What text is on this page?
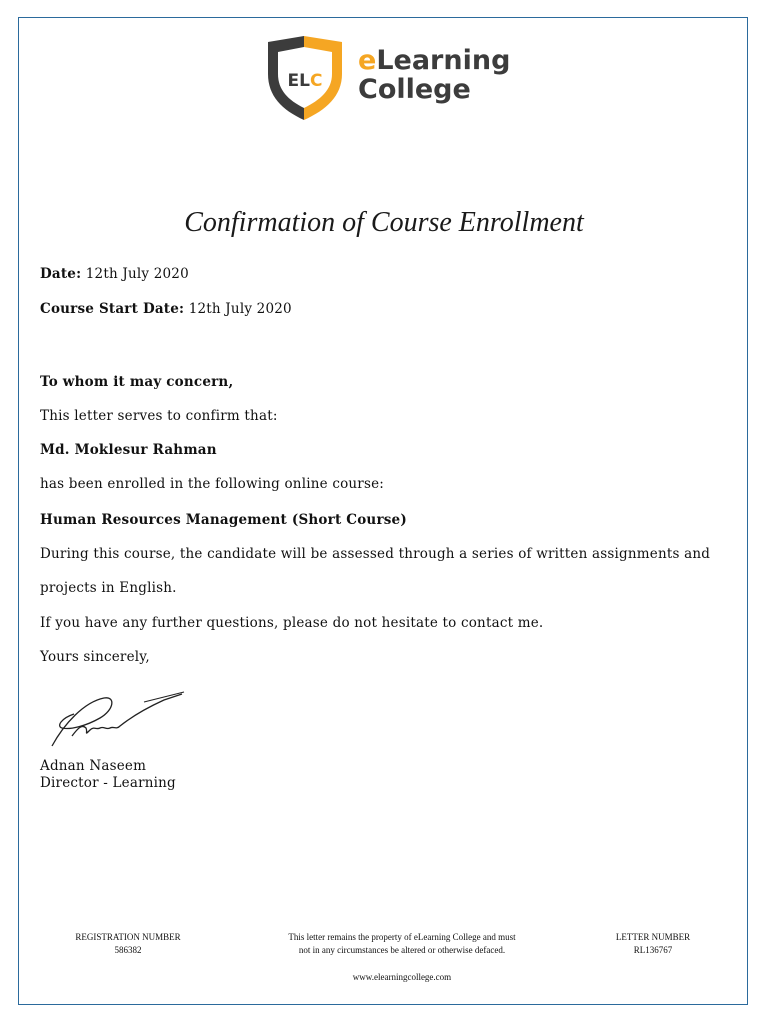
ELC
eLearning
College
Confirmation of Course Enrollment
Date: 12th July 2020
Course Start Date: 12th July 2020
To whom it may concern,
This letter serves to confirm that:
Md. Moklesur Rahman
has been enrolled in the following online course:
Human Resources Management (Short Course)
During this course, the candidate will be assessed through a series of written assignments and
projects in English.
If you have any further questions, please do not hesitate to contact me.
Yours sincerely,
Adnan Naseem
Director - Learning
REGISTRATION NUMBER
586382
This letter remains the property of eLearning College and must
not in any circumstances be altered or otherwise defaced.
LETTER NUMBER
RL136767
www.elearningcollege.com
